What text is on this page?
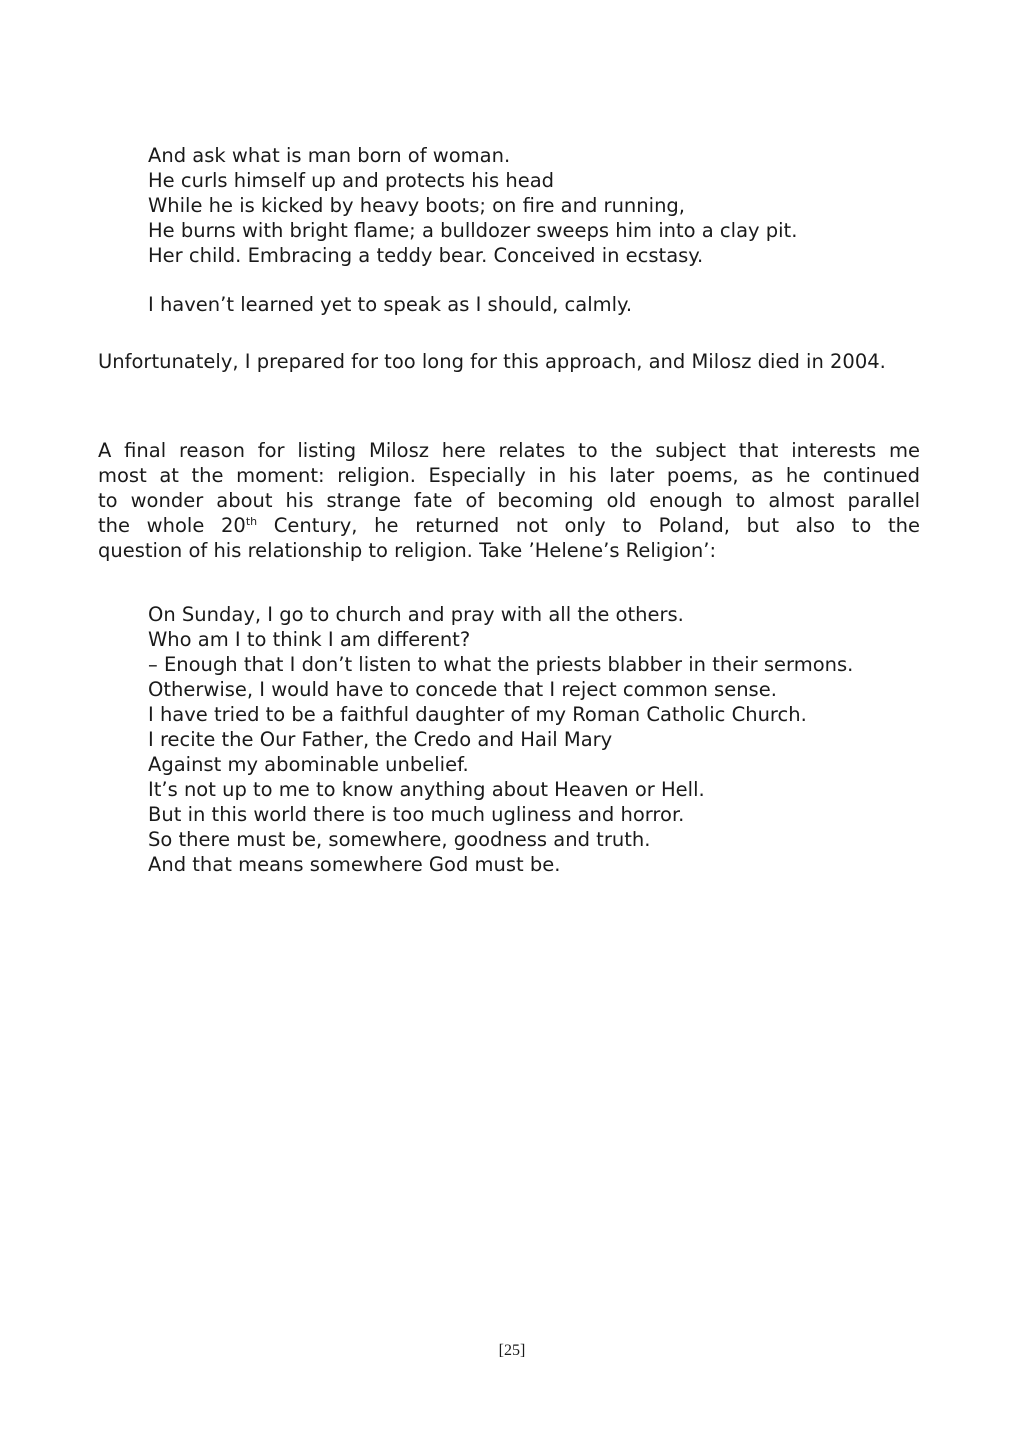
And ask what is man born of woman.
He curls himself up and protects his head
While he is kicked by heavy boots; on fire and running,
He burns with bright flame; a bulldozer sweeps him into a clay pit.
Her child. Embracing a teddy bear. Conceived in ecstasy.
I haven’t learned yet to speak as I should, calmly.

Unfortunately, I prepared for too long for this approach, and Milosz died in 2004.

A final reason for listing Milosz here relates to the subject that interests me
most at the moment: religion. Especially in his later poems, as he continued
to wonder about his strange fate of becoming old enough to almost parallel
the whole 20th Century, he returned not only to Poland, but also to the
question of his relationship to religion. Take ’Helene’s Religion’:

On Sunday, I go to church and pray with all the others.
Who am I to think I am different?
– Enough that I don’t listen to what the priests blabber in their sermons.
Otherwise, I would have to concede that I reject common sense.
I have tried to be a faithful daughter of my Roman Catholic Church.
I recite the Our Father, the Credo and Hail Mary
Against my abominable unbelief.
It’s not up to me to know anything about Heaven or Hell.
But in this world there is too much ugliness and horror.
So there must be, somewhere, goodness and truth.
And that means somewhere God must be.
[25]
